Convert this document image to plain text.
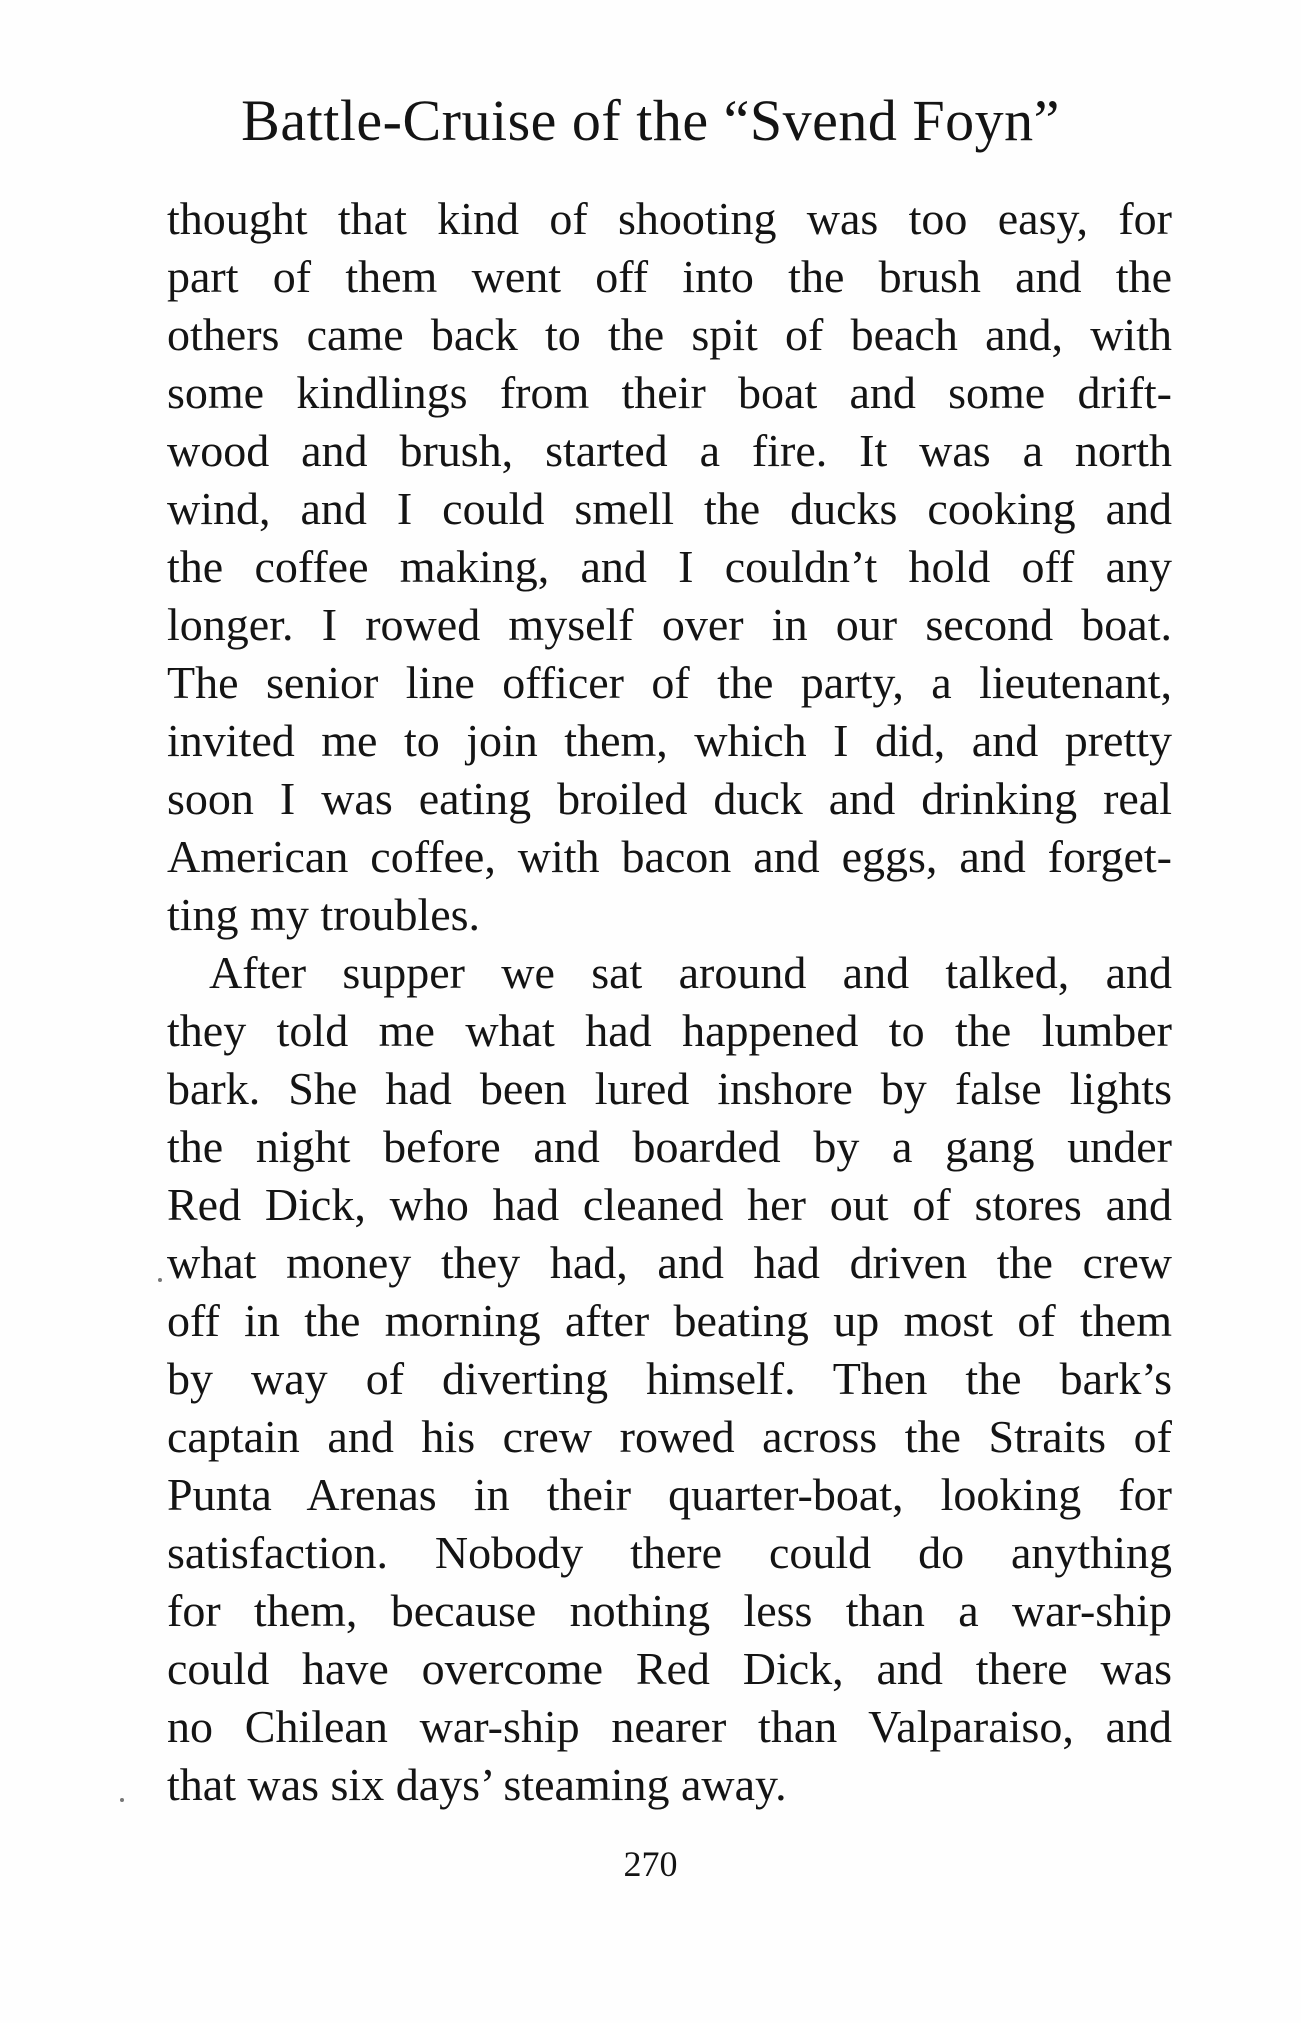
Battle-Cruise of the “Svend Foyn”
thought that kind of shooting was too easy, for
part of them went off into the brush and the
others came back to the spit of beach and, with
some kindlings from their boat and some drift-
wood and brush, started a fire. It was a north
wind, and I could smell the ducks cooking and
the coffee making, and I couldn’t hold off any
longer. I rowed myself over in our second boat.
The senior line officer of the party, a lieutenant,
invited me to join them, which I did, and pretty
soon I was eating broiled duck and drinking real
American coffee, with bacon and eggs, and forget-
ting my troubles.
After supper we sat around and talked, and
they told me what had happened to the lumber
bark. She had been lured inshore by false lights
the night before and boarded by a gang under
Red Dick, who had cleaned her out of stores and
what money they had, and had driven the crew
off in the morning after beating up most of them
by way of diverting himself. Then the bark’s
captain and his crew rowed across the Straits of
Punta Arenas in their quarter-boat, looking for
satisfaction. Nobody there could do anything
for them, because nothing less than a war-ship
could have overcome Red Dick, and there was
no Chilean war-ship nearer than Valparaiso, and
that was six days’ steaming away.
270
